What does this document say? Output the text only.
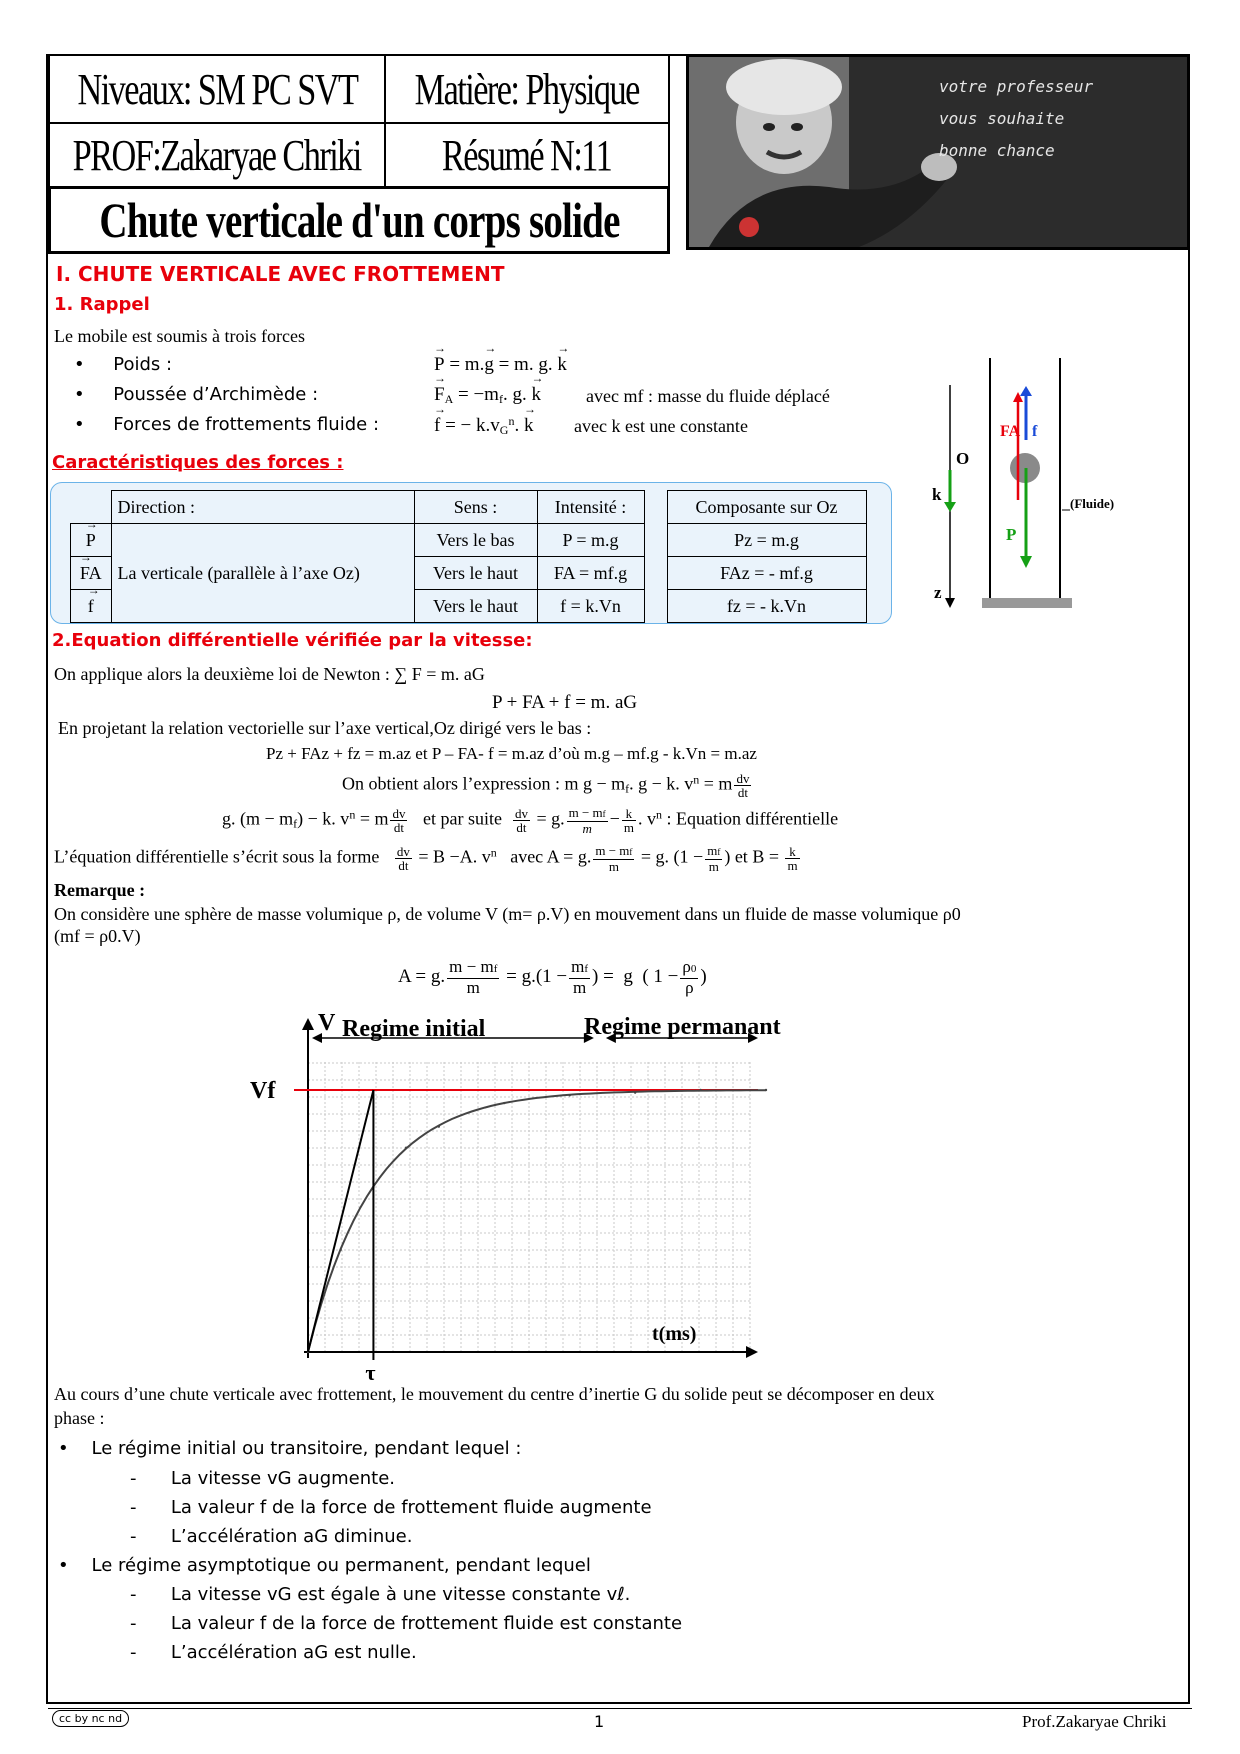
Niveaux: SM PC SVT Matière: Physique
PROF:Zakaryae Chriki Résumé N:11
Chute verticale d'un corps solide
votre professeur
vous souhaite
bonne chance
I. CHUTE VERTICALE AVEC FROTTEMENT
1. Rappel
Le mobile est soumis à trois forces
•     Poids :	→ P = m.→ g = m. g. → k
•     Poussée d’Archimède :	→ $F_A = -m_f$. g. → k	avec mf : masse du fluide déplacé
•     Forces de frottements fluide :	→ f = − $k.v_G^n$. → k avec k est une constante
Caractéristiques des forces :
	Direction :	Sens :	Intensité :		Composante sur Oz
→ P	La verticale (parallèle à l’axe Oz)	Vers le bas	P = m.g		Pz = m.g
→ FA		Vers le haut	FA = mf.g		FAz = - mf.g
→ f		Vers le haut	f = k.Vn		fz = - k.Vn
O
k
z
(Fluide)
FA f
P
2.Equation différentielle vérifiée par la vitesse:
On applique alors la deuxième loi de Newton : ∑ F = m. aG
P + FA + f = m. aG
En projetant la relation vectorielle sur l’axe vertical,Oz dirigé vers le bas :
Pz + FAz + fz = m.az et P – FA- f = m.az d’où m.g – mf.g - k.Vn = m.az
On obtient alors l’expression : m $g - m_f$. g − k. $v^n = m \frac{dv}{dt}$
g. $(m - m_f) - k$. $v^n = m \frac{dv}{dt}$ et par suite $\frac{dv}{dt} = g$. $\frac{m - mf}{m} - \frac{k}{m}$ . $v^n$ : Equation différentielle
L’équation différentielle s’écrit sous la forme $\frac{dv}{dt} = B -A$. $v^n$   avec A = g. $\frac{m - mf}{m} = g$. ($1 - \frac{mf}{m}$ ) et $B = \frac{k}{m}$
Remarque :
On considère une sphère de masse volumique ρ, de volume V (m= ρ.V) en mouvement dans un fluide de masse volumique ρ0
(mf = ρ0.V)
A = g. $\frac{m - mf}{m} = g.(1 - \frac{mf}{m}$ ) =  g  ( $1 - \frac{\rho 0}{\rho}$ )
V
Vf
Regime initial	Regime permanant
t(ms)
τ
Au cours d’une chute verticale avec frottement, le mouvement du centre d’inertie G du solide peut se décomposer en deux
phase :
•    Le régime initial ou transitoire, pendant lequel :
-      La vitesse vG augmente.
-      La valeur f de la force de frottement fluide augmente
-      L’accélération aG diminue.
•    Le régime asymptotique ou permanent, pendant lequel
-      La vitesse vG est égale à une vitesse constante vℓ.
-      La valeur f de la force de frottement fluide est constante
-      L’accélération aG est nulle.
cc by nc nd	1	Prof.Zakaryae Chriki
